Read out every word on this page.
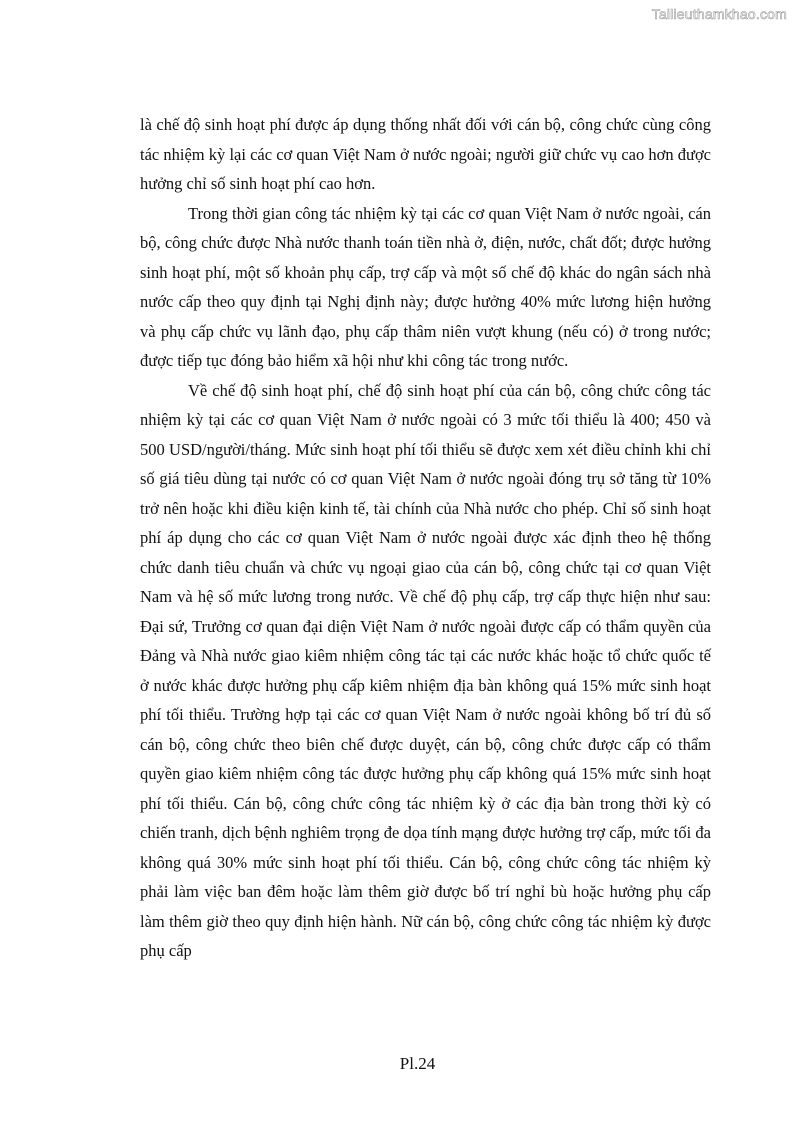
Tailieuthamkhao.com

là chế độ sinh hoạt phí được áp dụng thống nhất đối với cán bộ, công chức cùng công tác nhiệm kỳ lại các cơ quan Việt Nam ở nước ngoài; người giữ chức vụ cao hơn được hưởng chỉ số sinh hoạt phí cao hơn.

Trong thời gian công tác nhiệm kỳ tại các cơ quan Việt Nam ở nước ngoài, cán bộ, công chức được Nhà nước thanh toán tiền nhà ở, điện, nước, chất đốt; được hưởng sinh hoạt phí, một số khoản phụ cấp, trợ cấp và một số chế độ khác do ngân sách nhà nước cấp theo quy định tại Nghị định này; được hưởng 40% mức lương hiện hưởng và phụ cấp chức vụ lãnh đạo, phụ cấp thâm niên vượt khung (nếu có) ở trong nước; được tiếp tục đóng bảo hiểm xã hội như khi công tác trong nước.

Về chế độ sinh hoạt phí, chế độ sinh hoạt phí của cán bộ, công chức công tác nhiệm kỳ tại các cơ quan Việt Nam ở nước ngoài có 3 mức tối thiểu là 400; 450 và 500 USD/người/tháng. Mức sinh hoạt phí tối thiểu sẽ được xem xét điều chỉnh khi chỉ số giá tiêu dùng tại nước có cơ quan Việt Nam ở nước ngoài đóng trụ sở tăng từ 10% trở nên hoặc khi điều kiện kinh tế, tài chính của Nhà nước cho phép. Chỉ số sinh hoạt phí áp dụng cho các cơ quan Việt Nam ở nước ngoài được xác định theo hệ thống chức danh tiêu chuẩn và chức vụ ngoại giao của cán bộ, công chức tại cơ quan Việt Nam và hệ số mức lương trong nước. Về chế độ phụ cấp, trợ cấp thực hiện như sau: Đại sứ, Trưởng cơ quan đại diện Việt Nam ở nước ngoài được cấp có thẩm quyền của Đảng và Nhà nước giao kiêm nhiệm công tác tại các nước khác hoặc tổ chức quốc tế ở nước khác được hưởng phụ cấp kiêm nhiệm địa bàn không quá 15% mức sinh hoạt phí tối thiểu. Trường hợp tại các cơ quan Việt Nam ở nước ngoài không bố trí đủ số cán bộ, công chức theo biên chế được duyệt, cán bộ, công chức được cấp có thẩm quyền giao kiêm nhiệm công tác được hưởng phụ cấp không quá 15% mức sinh hoạt phí tối thiểu. Cán bộ, công chức công tác nhiệm kỳ ở các địa bàn trong thời kỳ có chiến tranh, dịch bệnh nghiêm trọng đe dọa tính mạng được hưởng trợ cấp, mức tối đa không quá 30% mức sinh hoạt phí tối thiểu. Cán bộ, công chức công tác nhiệm kỳ phải làm việc ban đêm hoặc làm thêm giờ được bố trí nghỉ bù hoặc hưởng phụ cấp làm thêm giờ theo quy định hiện hành. Nữ cán bộ, công chức công tác nhiệm kỳ được phụ cấp

Pl.24
